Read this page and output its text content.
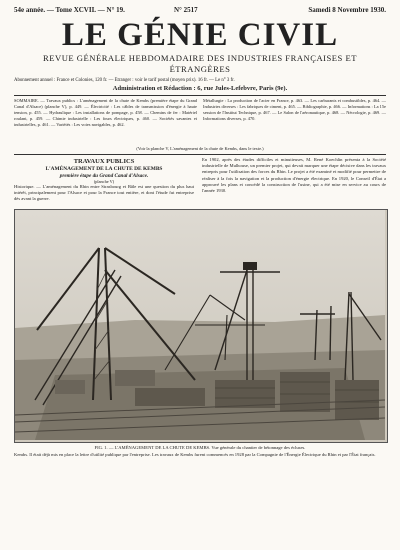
54e année. — Tome XCVII. — N° 19.	N° 2517	Samedi 8 Novembre 1930.
LE GÉNIE CIVIL
REVUE GÉNÉRALE HEBDOMADAIRE DES INDUSTRIES FRANÇAISES ET ÉTRANGÈRES
Abonnement annuel : France et Colonies, 120 fr. — Étranger : voir le tarif postal (moyen prix). 16 fr. — Le n° 3 fr.
Administration et Rédaction : 6, rue Jules-Lefebvre, Paris (9e).
SOMMAIRE. — Travaux publics : L'aménagement de la chute de Kembs (première étape du Grand Canal d'Alsace) (planche V), p. 449. — Électricité : Les câbles de transmission d'énergie à haute tension, p. 455. — Hydraulique : Les installations de pompage, p. 458. — Chemins de fer : Matériel roulant, p. 459. — Chimie industrielle : Les fours électriques, p. 460. — Sociétés savantes et industrielles, p. 461. — Variétés : Les voies navigables, p. 462.
Métallurgie : La production de l'acier en France, p. 463. — Les carburants et combustibles, p. 464. — Industries diverses : Les fabriques de ciment, p. 465. — Bibliographie, p. 466. — Informations : La 15e session de l'Institut Technique, p. 467. — Le Salon de l'aéronautique, p. 468. — Nécrologie, p. 469. — Informations diverses, p. 470.
(Voir la planche V, L'aménagement de la chute de Kembs, dans le texte.)
TRAVAUX PUBLICS
L'AMÉNAGEMENT DE LA CHUTE DE KEMBS
première étape du Grand Canal d'Alsace.
(planche V)
Historique. — L'aménagement du Rhin entre Strasbourg et Bâle est une question du plus haut intérêt, principalement pour l'Alsace et pour la France tout entière, et dont l'étude fut entreprise dès avant la guerre.
En 1902, après des études difficiles et minutieuses, M. René Koechlin présenta à la Société industrielle de Mulhouse, un premier projet, qui devait marquer une étape décisive dans les travaux entrepris pour l'utilisation des forces du Rhin. Le projet a été examiné et modifié pour permettre de réaliser à la fois la navigation et la production d'énergie électrique. En 1920, le Conseil d'État a approuvé les plans et concédé la construction de l'usine, qui a été mise en service au cours de l'année 1930.
FIG. 1. — L'AMÉNAGEMENT DE LA CHUTE DE KEMBS. Vue générale du chantier de bétonnage des écluses.
Kembs. Il était déjà mis en place la lettre d'utilité publique par l'entreprise. Les travaux de Kembs furent commencés en 1928 par la Compagnie de l'Énergie Électrique du Rhin et par l'État français.
